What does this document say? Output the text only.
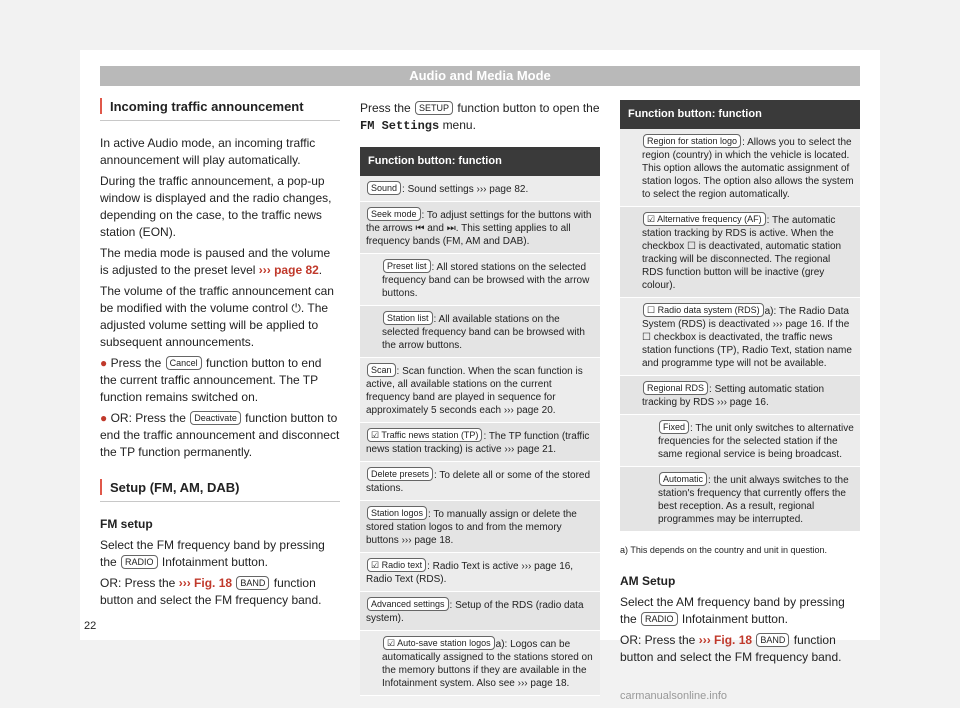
Audio and Media Mode
Incoming traffic announcement

In active Audio mode, an incoming traffic announcement will play automatically.

During the traffic announcement, a pop-up window is displayed and the radio changes, depending on the case, to the traffic news station (EON).

The media mode is paused and the volume is adjusted to the preset level ››› page 82.

The volume of the traffic announcement can be modified with the volume control ⏻. The adjusted volume setting will be applied to subsequent announcements.

● Press the Cancel function button to end the current traffic announcement. The TP function remains switched on.

● OR: Press the Deactivate function button to end the traffic announcement and disconnect the TP function permanently.

Setup (FM, AM, DAB)

FM setup

Select the FM frequency band by pressing the RADIO Infotainment button.

OR: Press the ››› Fig. 18 BAND function button and select the FM frequency band.

Press the SETUP function button to open the FM Settings menu.

Function button: function
Sound : Sound settings ››› page 82.
Seek mode : To adjust settings for the buttons with the arrows ⏮ and ⏭. This setting applies to all frequency bands (FM, AM and DAB).
Preset list : All stored stations on the selected frequency band can be browsed with the arrow buttons.
Station list : All available stations on the selected frequency band can be browsed with the arrow buttons.
Scan : Scan function. When the scan function is active, all available stations on the current frequency band are played in sequence for approximately 5 seconds each ››› page 20.
☑ Traffic news station (TP) : The TP function (traffic news station tracking) is active ››› page 21.
Delete presets : To delete all or some of the stored stations.
Station logos : To manually assign or delete the stored station logos to and from the memory buttons ››› page 18.
☑ Radio text : Radio Text is active ››› page 16, Radio Text (RDS).
Advanced settings : Setup of the RDS (radio data system).
☑ Auto-save station logos a): Logos can be automatically assigned to the stations stored on the memory buttons if they are available in the Infotainment system. Also see ››› page 18.
Function button: function
Region for station logo : Allows you to select the region (country) in which the vehicle is located. This option allows the automatic assignment of station logos. The option also allows the system to select the region automatically.
☑ Alternative frequency (AF) : The automatic station tracking by RDS is active. When the checkbox ☐ is deactivated, automatic station tracking will be disconnected. The regional RDS function button will be inactive (grey colour).
☐ Radio data system (RDS) a): The Radio Data System (RDS) is deactivated ››› page 16. If the ☐ checkbox is deactivated, the traffic news station functions (TP), Radio Text, station name and programme type will not be available.
Regional RDS : Setting automatic station tracking by RDS ››› page 16.
Fixed : The unit only switches to alternative frequencies for the selected station if the same regional service is being broadcast.
Automatic : the unit always switches to the station's frequency that currently offers the best reception. As a result, regional programmes may be interrupted.
a) This depends on the country and unit in question.

AM Setup

Select the AM frequency band by pressing the RADIO Infotainment button.

OR: Press the ››› Fig. 18 BAND function button and select the FM frequency band.

22
carmanualsonline.info
